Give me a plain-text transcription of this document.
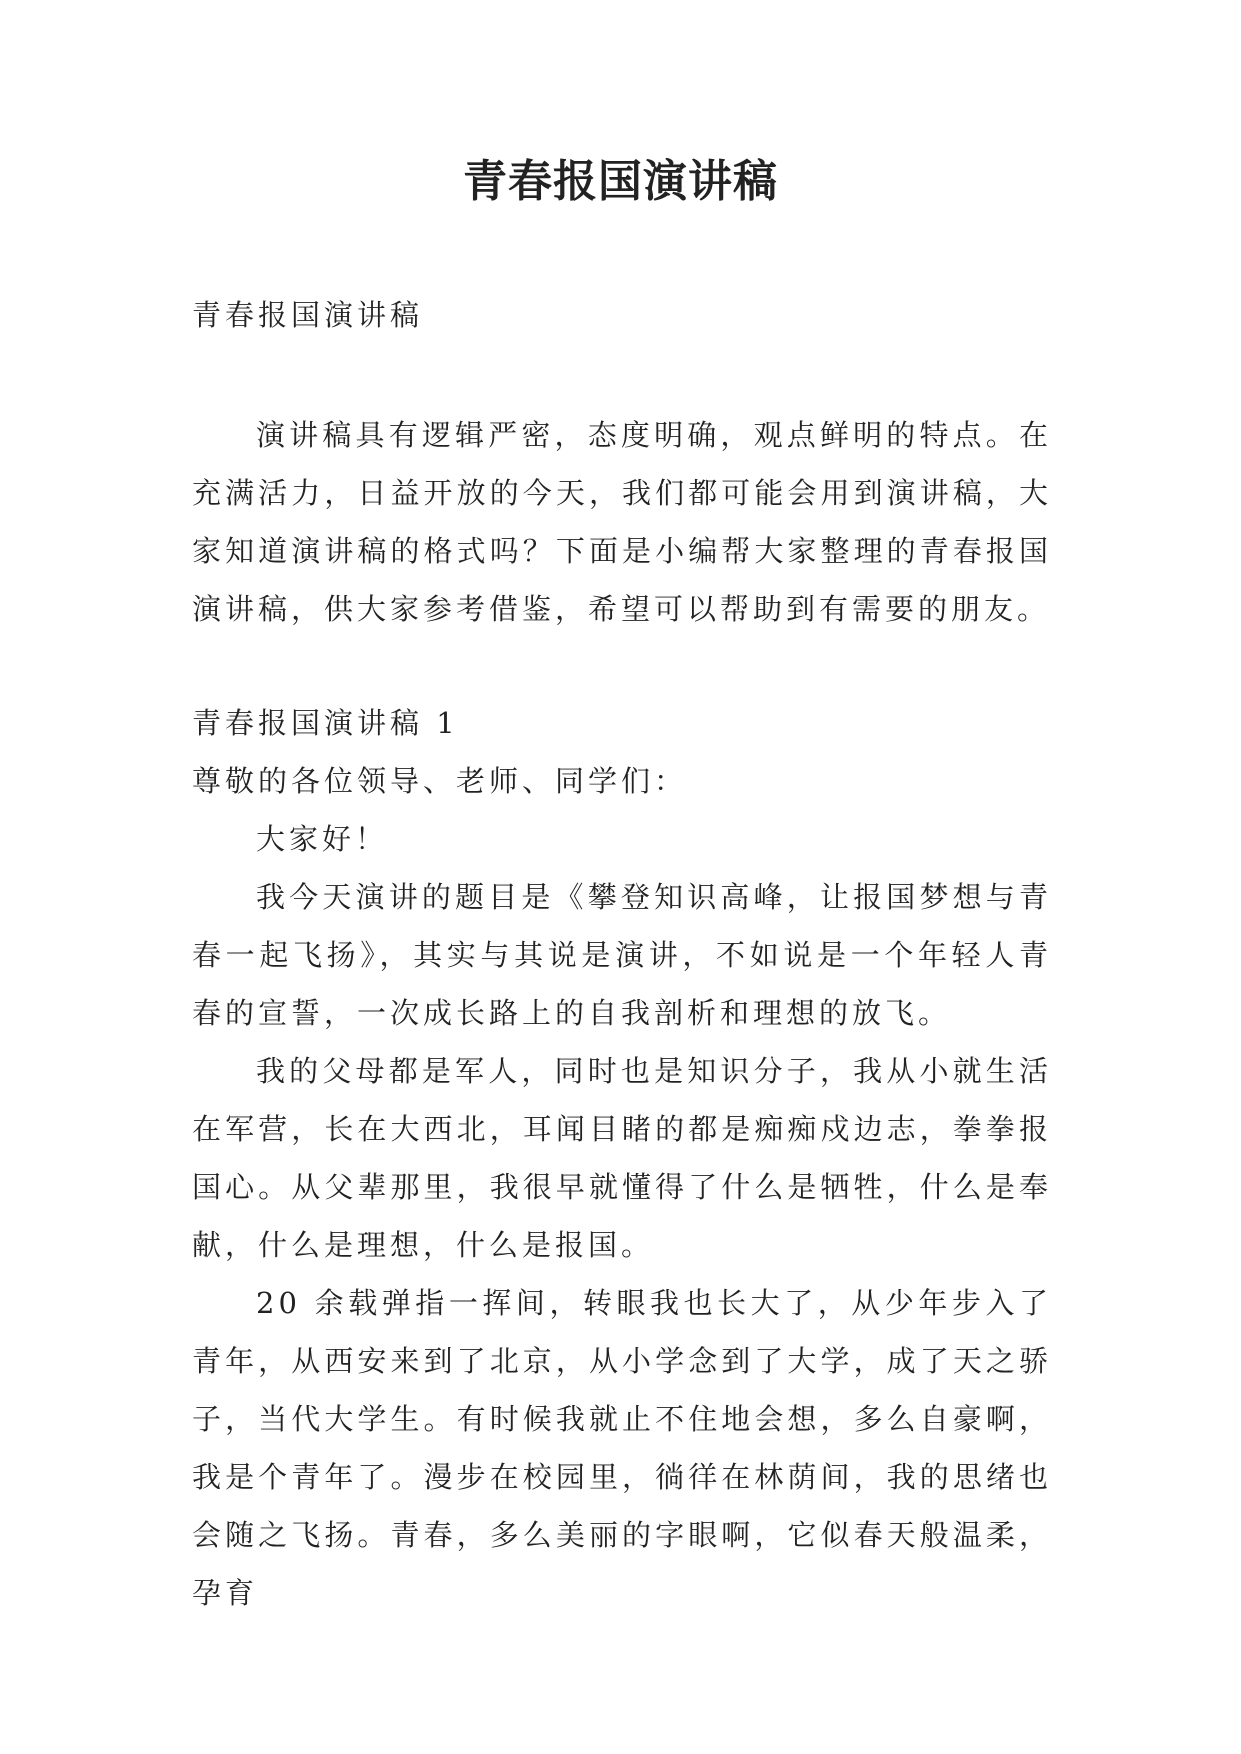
青春报国演讲稿

青春报国演讲稿

演讲稿具有逻辑严密，态度明确，观点鲜明的特点。在充满活力，日益开放的今天，我们都可能会用到演讲稿，大家知道演讲稿的格式吗？下面是小编帮大家整理的青春报国演讲稿，供大家参考借鉴，希望可以帮助到有需要的朋友。

青春报国演讲稿 1

尊敬的各位领导、老师、同学们：

大家好！

我今天演讲的题目是《攀登知识高峰，让报国梦想与青春一起飞扬》，其实与其说是演讲，不如说是一个年轻人青春的宣誓，一次成长路上的自我剖析和理想的放飞。

我的父母都是军人，同时也是知识分子，我从小就生活在军营，长在大西北，耳闻目睹的都是痴痴戍边志，拳拳报国心。从父辈那里，我很早就懂得了什么是牺牲，什么是奉献，什么是理想，什么是报国。

20 余载弹指一挥间，转眼我也长大了，从少年步入了青年，从西安来到了北京，从小学念到了大学，成了天之骄子，当代大学生。有时候我就止不住地会想，多么自豪啊，我是个青年了。漫步在校园里，徜徉在林荫间，我的思绪也会随之飞扬。青春，多么美丽的字眼啊，它似春天般温柔，孕育
